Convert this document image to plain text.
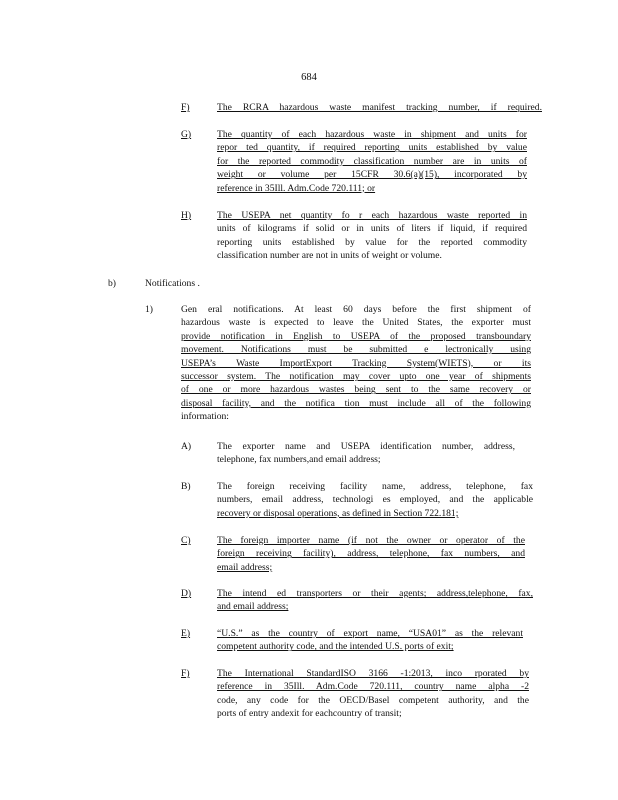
684
F)	The RCRA hazardous waste manifest tracking number, if required.
G)	The quantity of each hazardous waste in shipment and units for
repor ted quantity, if required reporting units established by value
for the reported commodity classification number are in units of
weight or volume per 15CFR 30.6(a)(15), incorporated by
reference in 35Ill. Adm.Code 720.111; or
H)	The USEPA net quantity fo r each hazardous waste reported in
units of kilograms if solid or in units of liters if liquid, if required
reporting units established by value for the reported commodity
classification number are not in units of weight or volume.
b)	Notifications .
1)	Gen eral notifications. At least 60 days before the first shipment of
hazardous waste is expected to leave the United States, the exporter must
provide notification in English to USEPA of the proposed transboundary
movement. Notifications must be submitted e lectronically using
USEPA’s Waste ImportExport Tracking System(WIETS), or its
successor system. The notification may cover upto one year of shipments
of one or more hazardous wastes being sent to the same recovery or
disposal facility, and the notifica tion must include all of the following
information:
A)	The exporter name and USEPA identification number, address,
telephone, fax numbers,and email address;
B)	The foreign receiving facility name, address, telephone, fax
numbers, email address, technologi es employed, and the applicable
recovery or disposal operations, as defined in Section 722.181;
C)	The foreign importer name (if not the owner or operator of the
foreign receiving facility), address, telephone, fax numbers, and
email address;
D)	The intend ed transporters or their agents; address,telephone, fax,
and email address;
E)	“U.S.” as the country of export name, “USA01” as the relevant
competent authority code, and the intended U.S. ports of exit;
F)	The International StandardISO 3166 -1:2013, inco rporated by
reference in 35Ill. Adm.Code 720.111, country name alpha -2
code, any code for the OECD/Basel competent authority, and the
ports of entry andexit for eachcountry of transit;
